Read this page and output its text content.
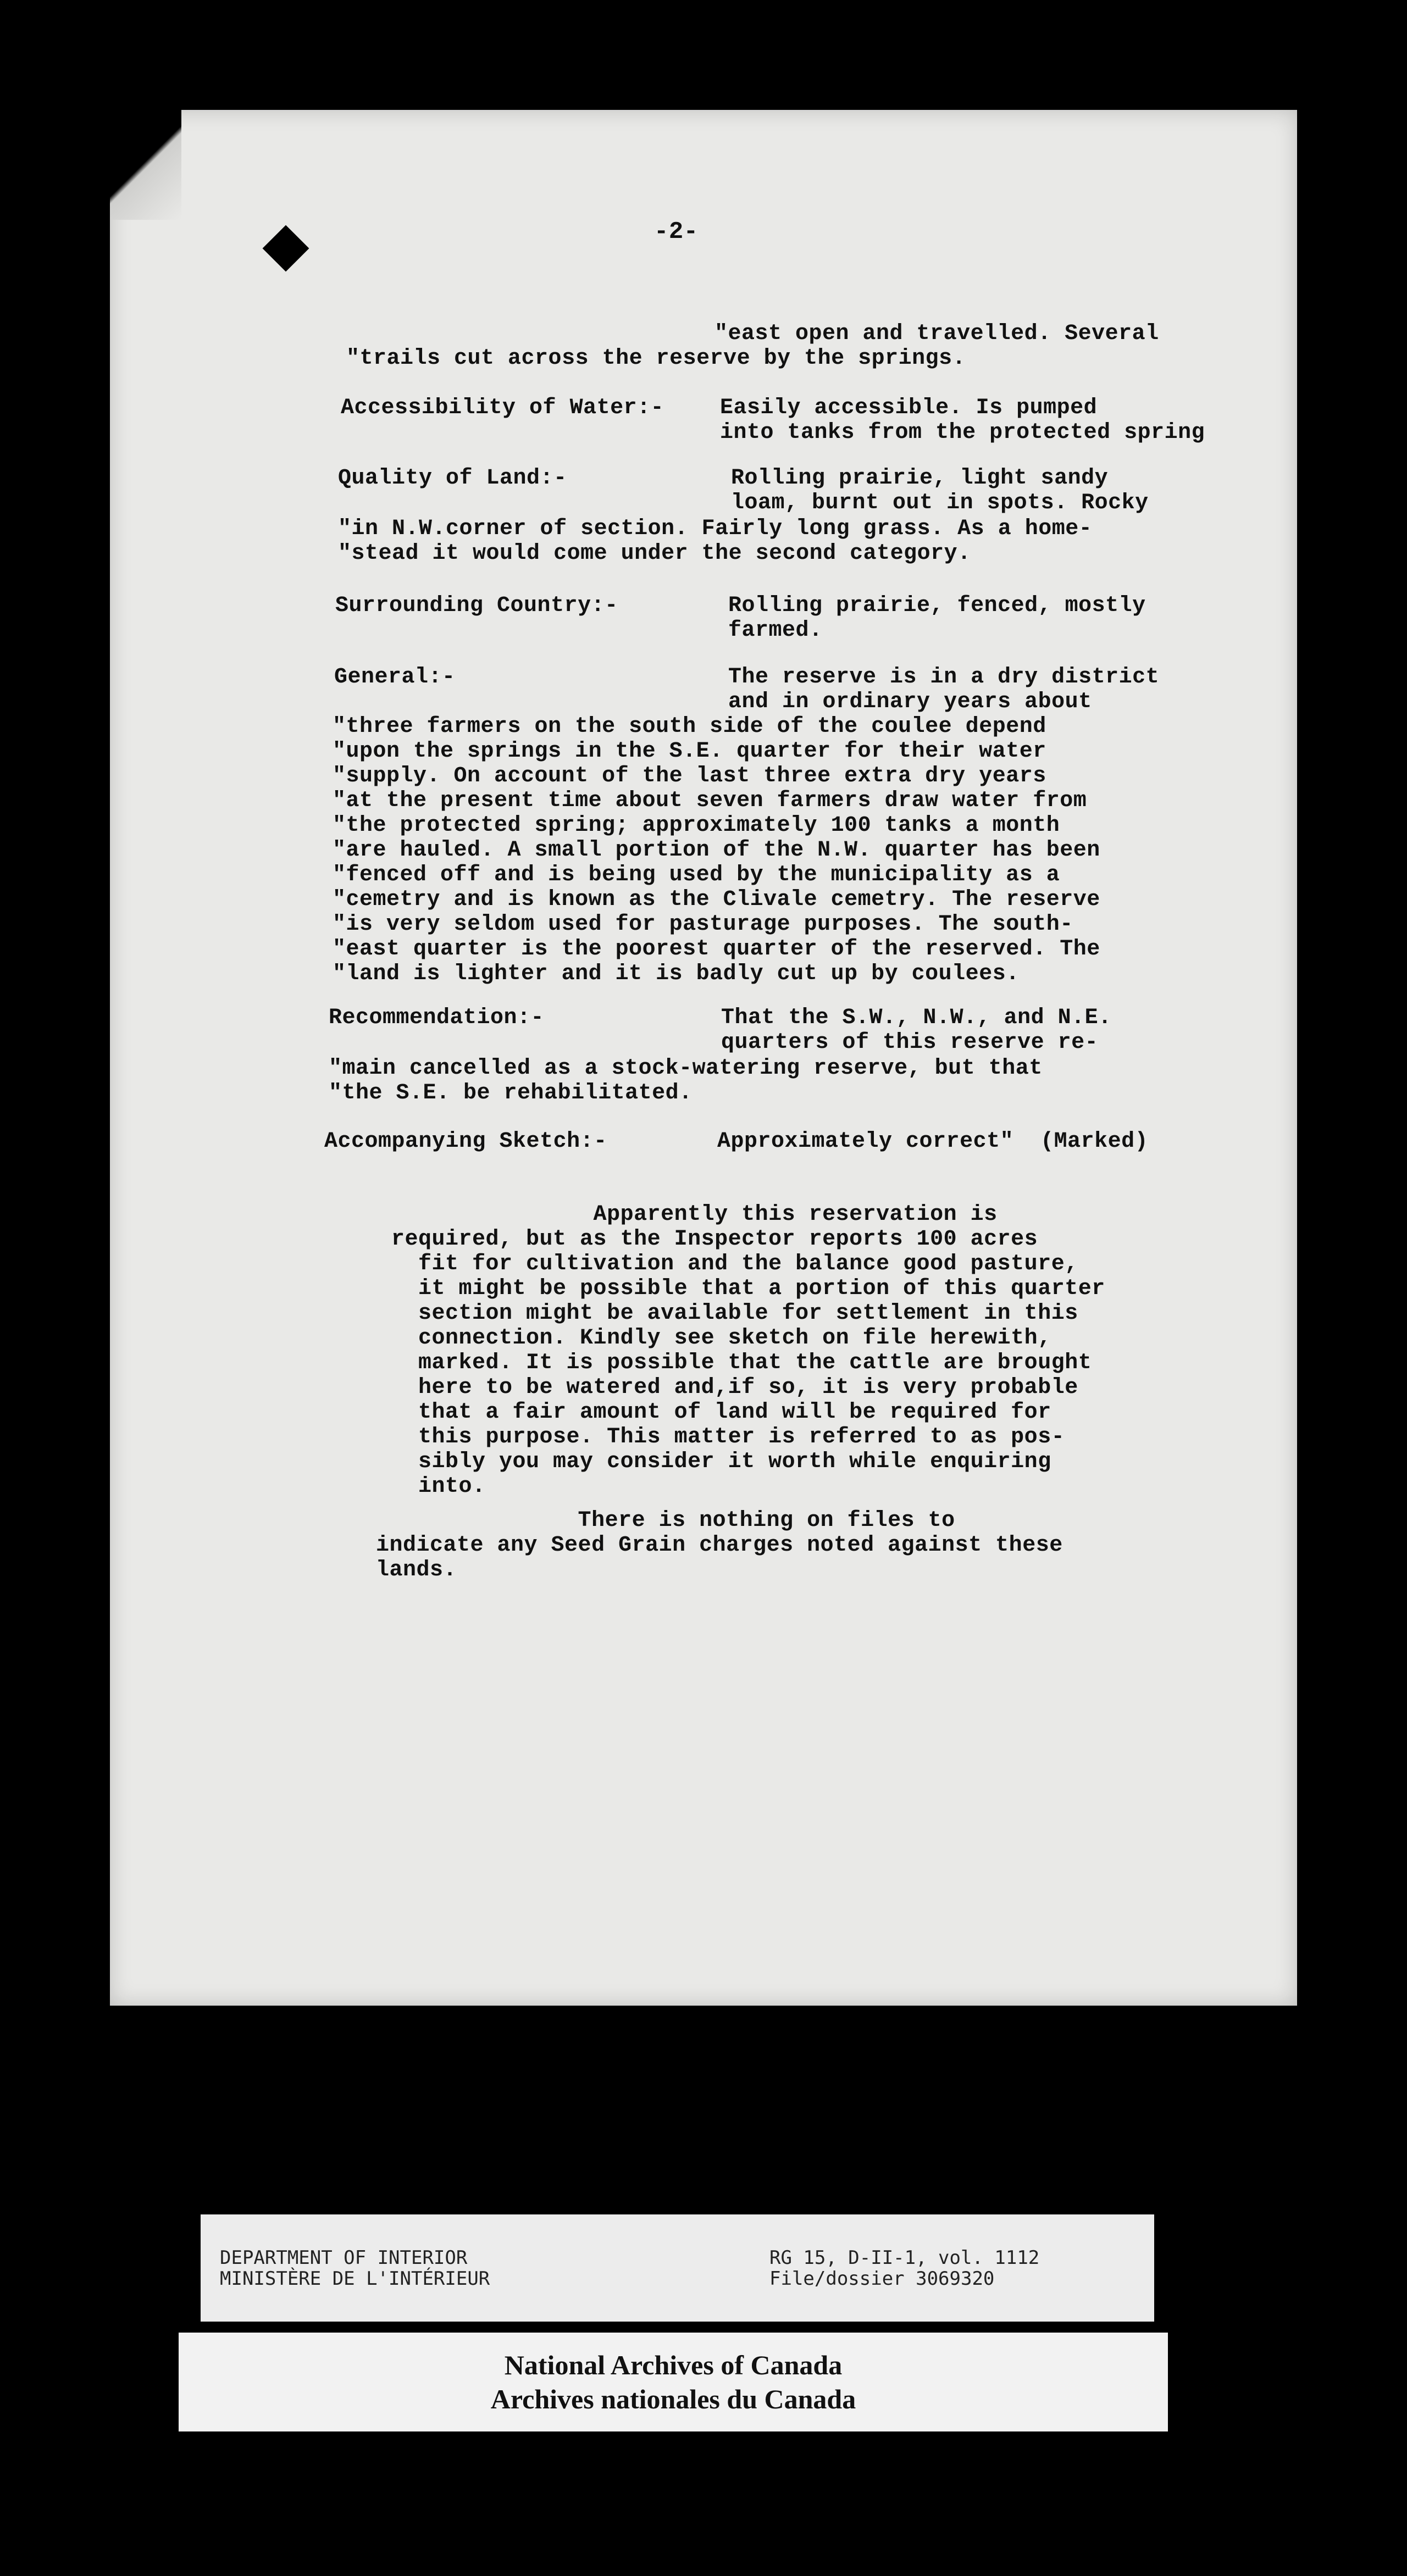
-2-
"east open and travelled. Several
"trails cut across the reserve by the springs.
Accessibility of Water:-	Easily accessible. Is pumped
into tanks from the protected spring
Quality of Land:-	Rolling prairie, light sandy
loam, burnt out in spots. Rocky
"in N.W.corner of section. Fairly long grass. As a home-
"stead it would come under the second category.
Surrounding Country:-	Rolling prairie, fenced, mostly
farmed.
General:-	The reserve is in a dry district
and in ordinary years about
"three farmers on the south side of the coulee depend
"upon the springs in the S.E. quarter for their water
"supply. On account of the last three extra dry years
"at the present time about seven farmers draw water from
"the protected spring; approximately 100 tanks a month
"are hauled. A small portion of the N.W. quarter has been
"fenced off and is being used by the municipality as a
"cemetry and is known as the Clivale cemetry. The reserve
"is very seldom used for pasturage purposes. The south-
"east quarter is the poorest quarter of the reserved. The
"land is lighter and it is badly cut up by coulees.
Recommendation:-	That the S.W., N.W., and N.E.
quarters of this reserve re-
"main cancelled as a stock-watering reserve, but that
"the S.E. be rehabilitated.
Accompanying Sketch:-	Approximately correct"  (Marked)
Apparently this reservation is
required, but as the Inspector reports 100 acres
fit for cultivation and the balance good pasture,
it might be possible that a portion of this quarter
section might be available for settlement in this
connection. Kindly see sketch on file herewith,
marked. It is possible that the cattle are brought
here to be watered and,if so, it is very probable
that a fair amount of land will be required for
this purpose. This matter is referred to as pos-
sibly you may consider it worth while enquiring
into.
There is nothing on files to
indicate any Seed Grain charges noted against these
lands.
DEPARTMENT OF INTERIOR
MINISTÈRE DE L'INTÉRIEUR
RG 15, D-II-1, vol. 1112
File/dossier 3069320
National Archives of Canada
Archives nationales du Canada
